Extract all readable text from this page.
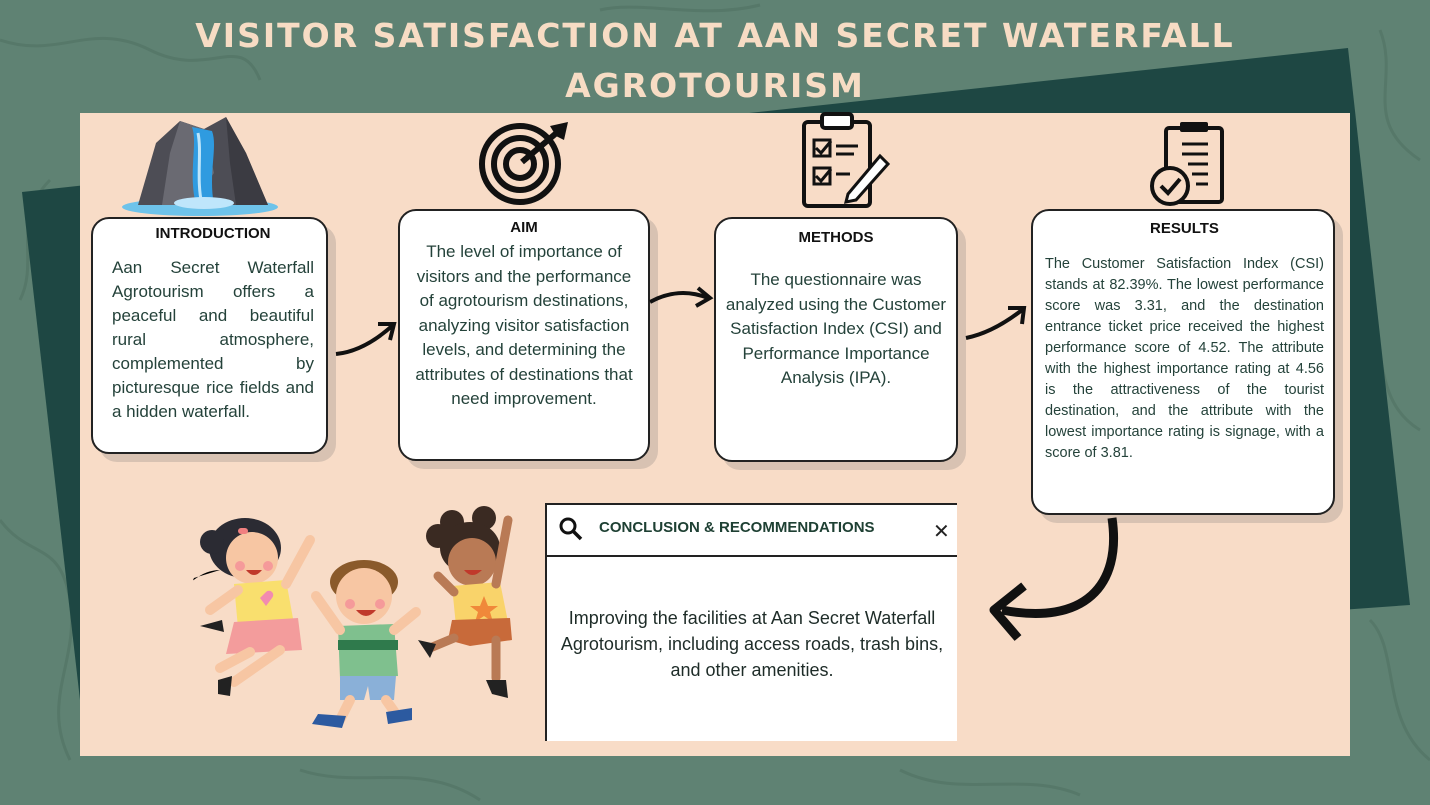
VISITOR SATISFACTION AT AAN SECRET WATERFALL
AGROTOURISM
INTRODUCTION

Aan Secret Waterfall Agrotourism offers a peaceful and beautiful rural atmosphere, complemented by picturesque rice fields and a hidden waterfall.

AIM

The level of importance of visitors and the performance of agrotourism destinations, analyzing visitor satisfaction levels, and determining the attributes of destinations that need improvement.

METHODS

The questionnaire was analyzed using the Customer Satisfaction Index (CSI) and Performance Importance Analysis (IPA).

RESULTS

The Customer Satisfaction Index (CSI) stands at 82.39%. The lowest performance score was 3.31, and the destination entrance ticket price received the highest performance score of 4.52. The attribute with the highest importance rating at 4.56 is the attractiveness of the tourist destination, and the attribute with the lowest importance rating is signage, with a score of 3.81.

CONCLUSION & RECOMMENDATIONS	✕

Improving the facilities at Aan Secret Waterfall Agrotourism, including access roads, trash bins, and other amenities.
